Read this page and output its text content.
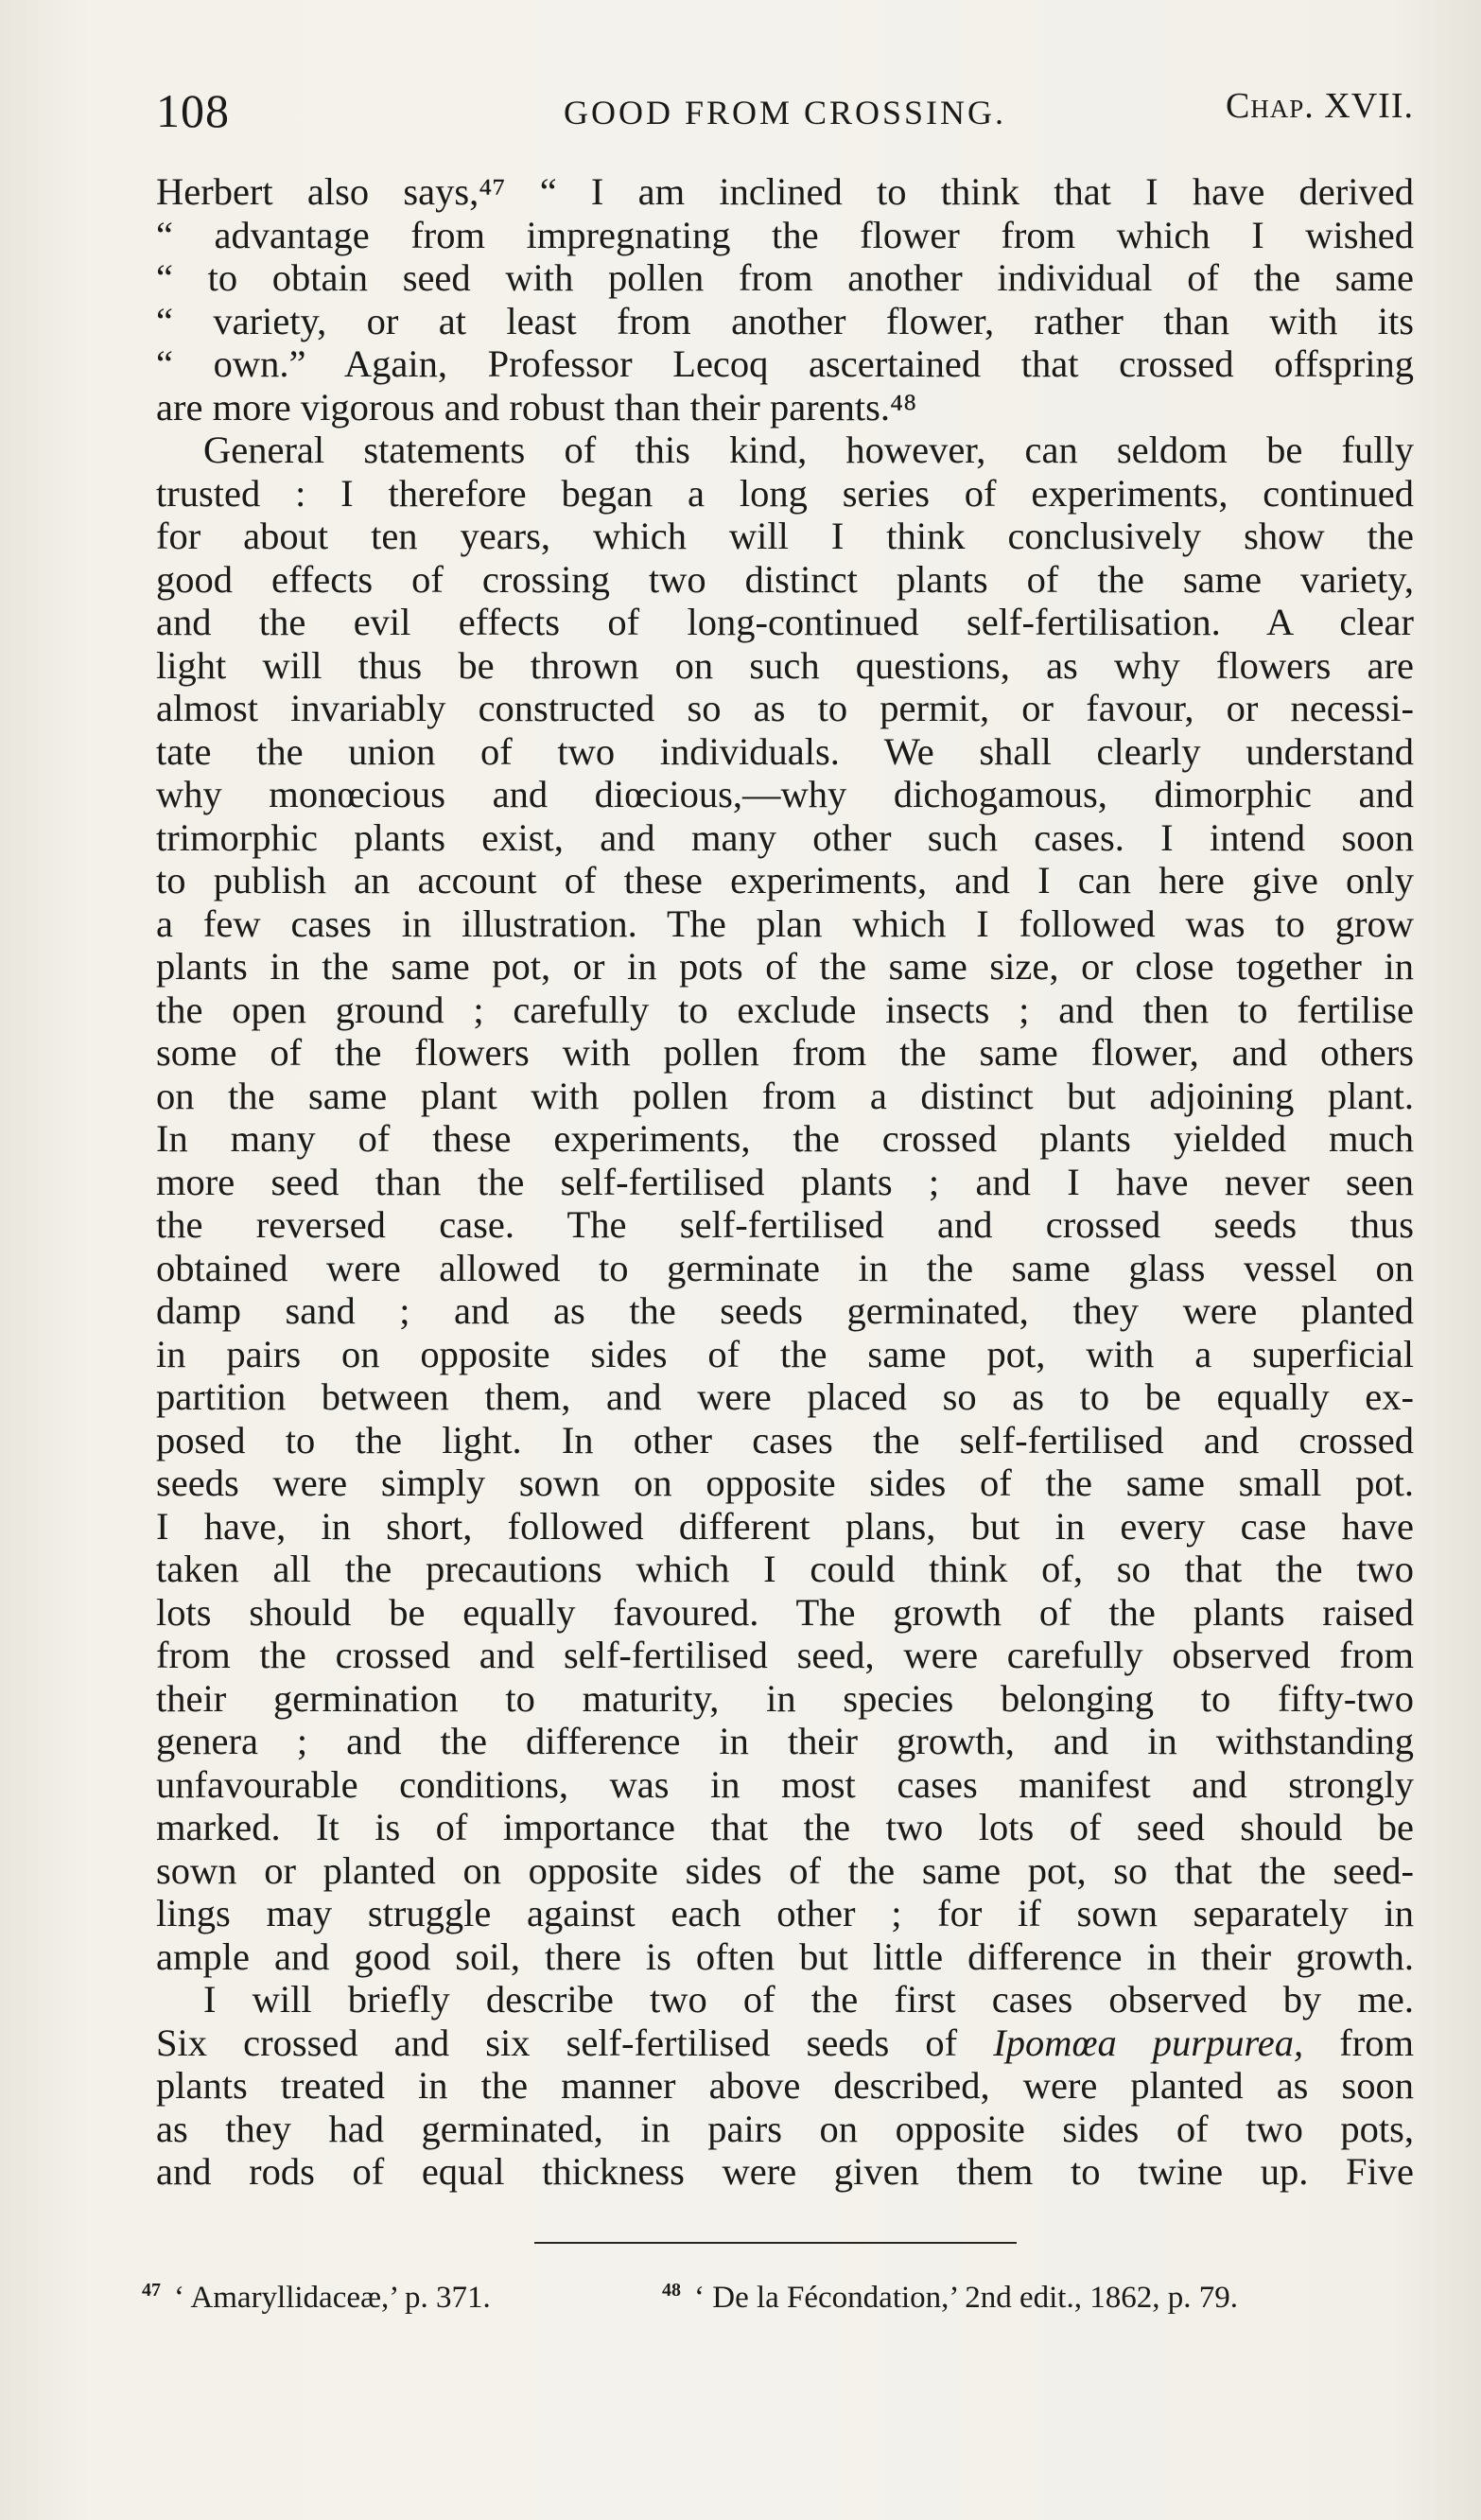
108	GOOD FROM CROSSING.	Chap. XVII.
Herbert also says,⁴⁷ “ I am inclined to think that I have derived
“ advantage from impregnating the flower from which I wished
“ to obtain seed with pollen from another individual of the same
“ variety, or at least from another flower, rather than with its
“ own.” Again, Professor Lecoq ascertained that crossed offspring
are more vigorous and robust than their parents.⁴⁸
General statements of this kind, however, can seldom be fully
trusted : I therefore began a long series of experiments, continued
for about ten years, which will I think conclusively show the
good effects of crossing two distinct plants of the same variety,
and the evil effects of long-continued self-fertilisation. A clear
light will thus be thrown on such questions, as why flowers are
almost invariably constructed so as to permit, or favour, or necessi-
tate the union of two individuals. We shall clearly understand
why monœcious and diœcious,—why dichogamous, dimorphic and
trimorphic plants exist, and many other such cases. I intend soon
to publish an account of these experiments, and I can here give only
a few cases in illustration. The plan which I followed was to grow
plants in the same pot, or in pots of the same size, or close together in
the open ground ; carefully to exclude insects ; and then to fertilise
some of the flowers with pollen from the same flower, and others
on the same plant with pollen from a distinct but adjoining plant.
In many of these experiments, the crossed plants yielded much
more seed than the self-fertilised plants ; and I have never seen
the reversed case. The self-fertilised and crossed seeds thus
obtained were allowed to germinate in the same glass vessel on
damp sand ; and as the seeds germinated, they were planted
in pairs on opposite sides of the same pot, with a superficial
partition between them, and were placed so as to be equally ex-
posed to the light. In other cases the self-fertilised and crossed
seeds were simply sown on opposite sides of the same small pot.
I have, in short, followed different plans, but in every case have
taken all the precautions which I could think of, so that the two
lots should be equally favoured. The growth of the plants raised
from the crossed and self-fertilised seed, were carefully observed from
their germination to maturity, in species belonging to fifty-two
genera ; and the difference in their growth, and in withstanding
unfavourable conditions, was in most cases manifest and strongly
marked. It is of importance that the two lots of seed should be
sown or planted on opposite sides of the same pot, so that the seed-
lings may struggle against each other ; for if sown separately in
ample and good soil, there is often but little difference in their growth.
I will briefly describe two of the first cases observed by me.
Six crossed and six self-fertilised seeds of Ipomœa purpurea, from
plants treated in the manner above described, were planted as soon
as they had germinated, in pairs on opposite sides of two pots,
and rods of equal thickness were given them to twine up. Five
$^{47}$ ‘ Amaryllidaceæ,’ p. 371.	$^{48}$ ‘ De la Fécondation,’ 2nd edit., 1862, p. 79.
